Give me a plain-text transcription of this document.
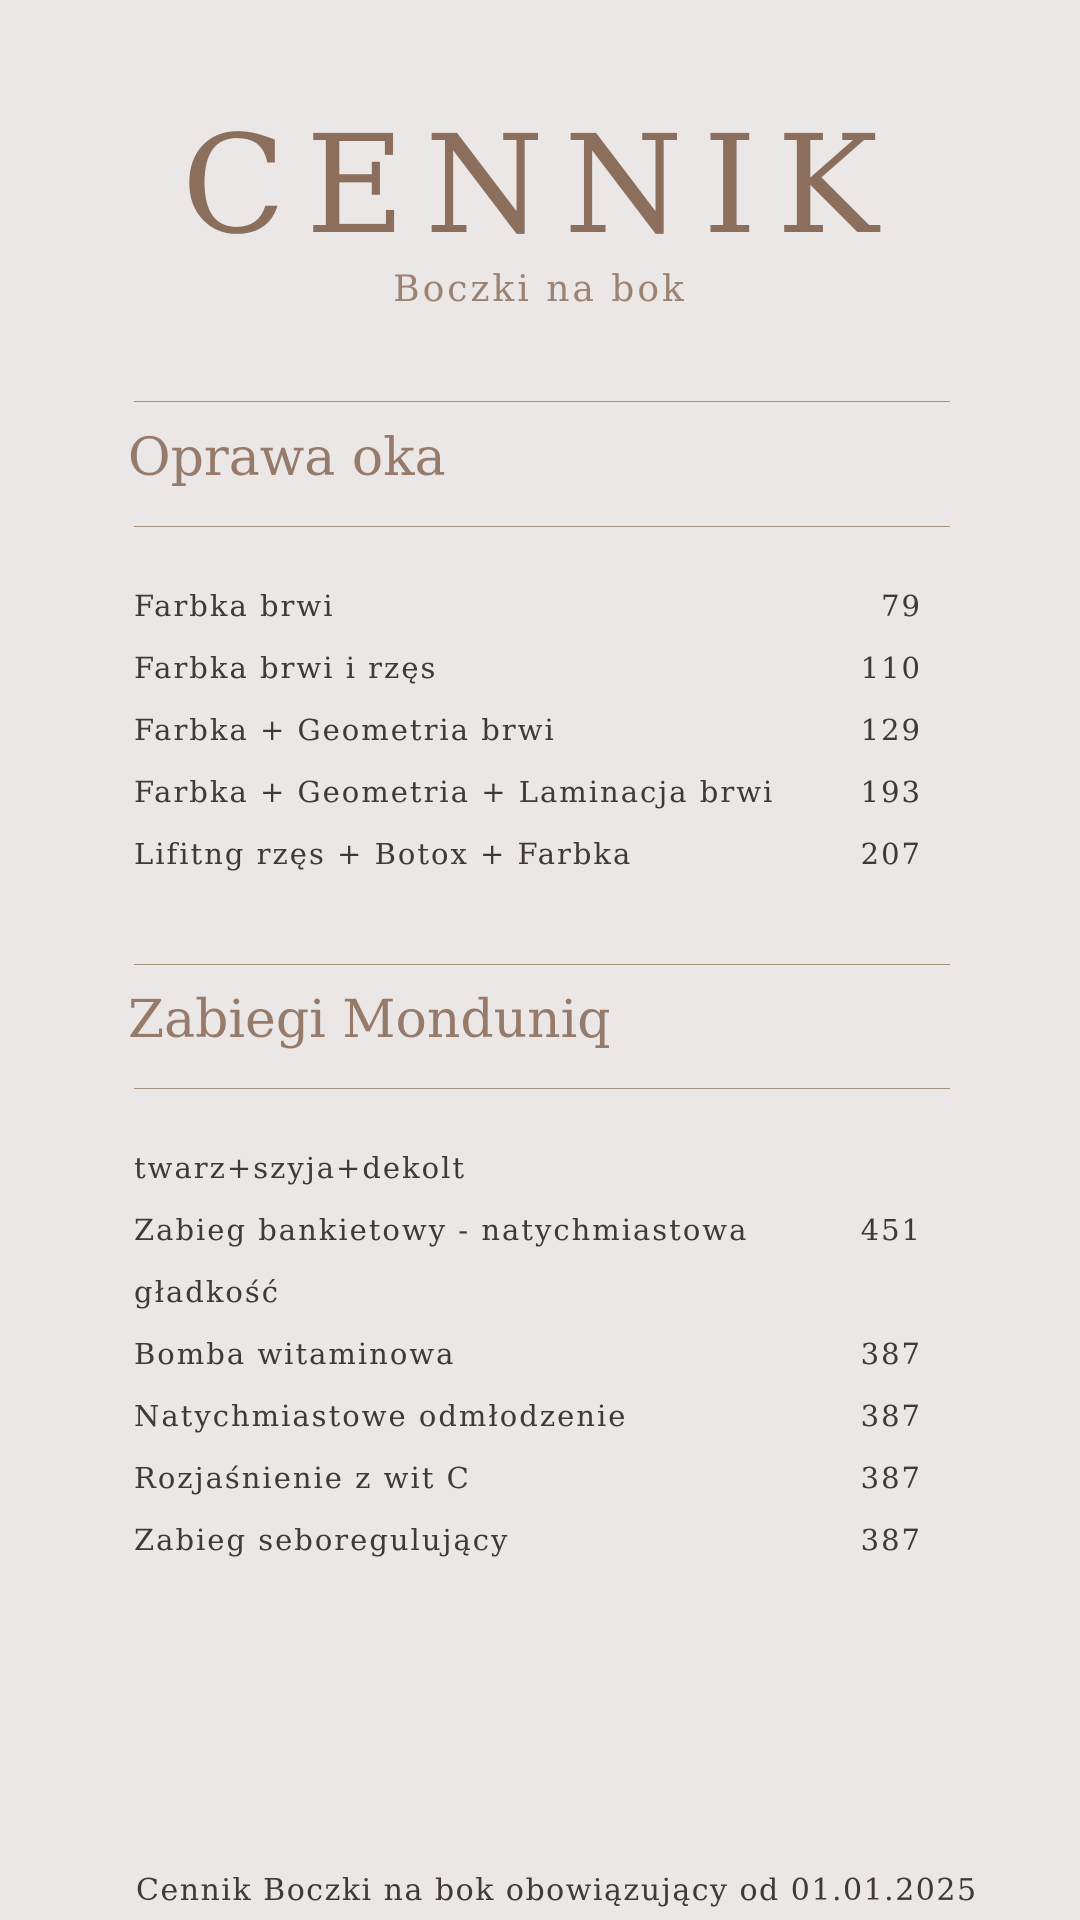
CENNIK
Boczki na bok
Oprawa oka
Farbka brwi	79
Farbka brwi i rzęs	110
Farbka + Geometria brwi	129
Farbka + Geometria + Laminacja brwi	193
Lifitng rzęs + Botox + Farbka	207
Zabiegi Monduniq
twarz+szyja+dekolt
Zabieg bankietowy - natychmiastowa	451
gładkość
Bomba witaminowa	387
Natychmiastowe odmłodzenie	387
Rozjaśnienie z wit C	387
Zabieg seboregulujący	387
Cennik Boczki na bok obowiązujący od 01.01.2025
